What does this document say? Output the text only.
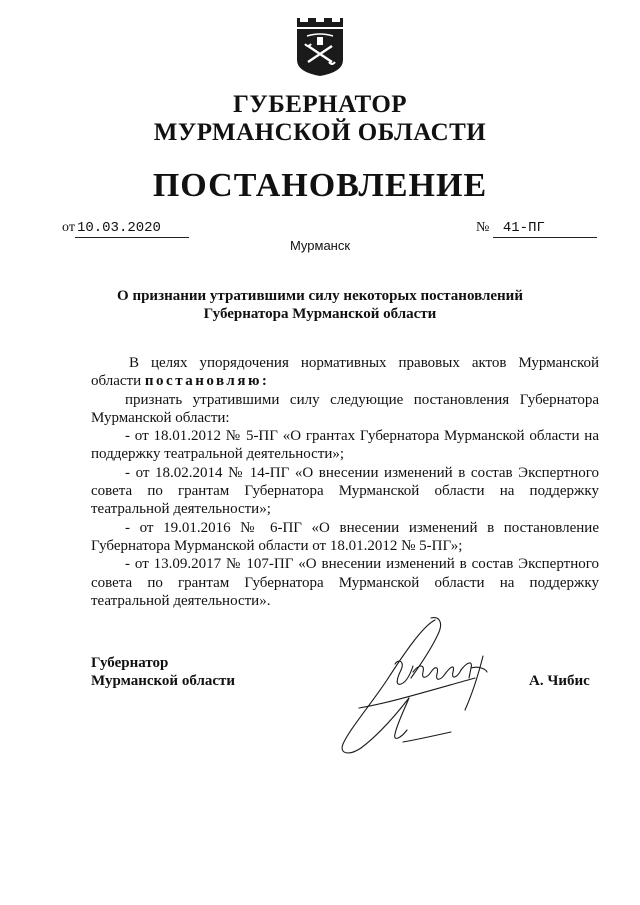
ГУБЕРНАТОР
МУРМАНСКОЙ ОБЛАСТИ
ПОСТАНОВЛЕНИЕ
от 10.03.2020	№ 41-ПГ
Мурманск
О признании утратившими силу некоторых постановлений
Губернатора Мурманской области

В целях упорядочения нормативных правовых актов Мурманской области постановляю:

признать утратившими силу следующие постановления Губернатора Мурманской области:

- от 18.01.2012 № 5-ПГ «О грантах Губернатора Мурманской области на поддержку театральной деятельности»;

- от 18.02.2014 № 14-ПГ «О внесении изменений в состав Экспертного совета по грантам Губернатора Мурманской области на поддержку театральной деятельности»;

- от 19.01.2016 № 6-ПГ «О внесении изменений в постановление Губернатора Мурманской области от 18.01.2012 № 5-ПГ»;

- от 13.09.2017 № 107-ПГ «О внесении изменений в состав Экспертного совета по грантам Губернатора Мурманской области на поддержку театральной деятельности».

Губернатор
Мурманской области	А. Чибис
